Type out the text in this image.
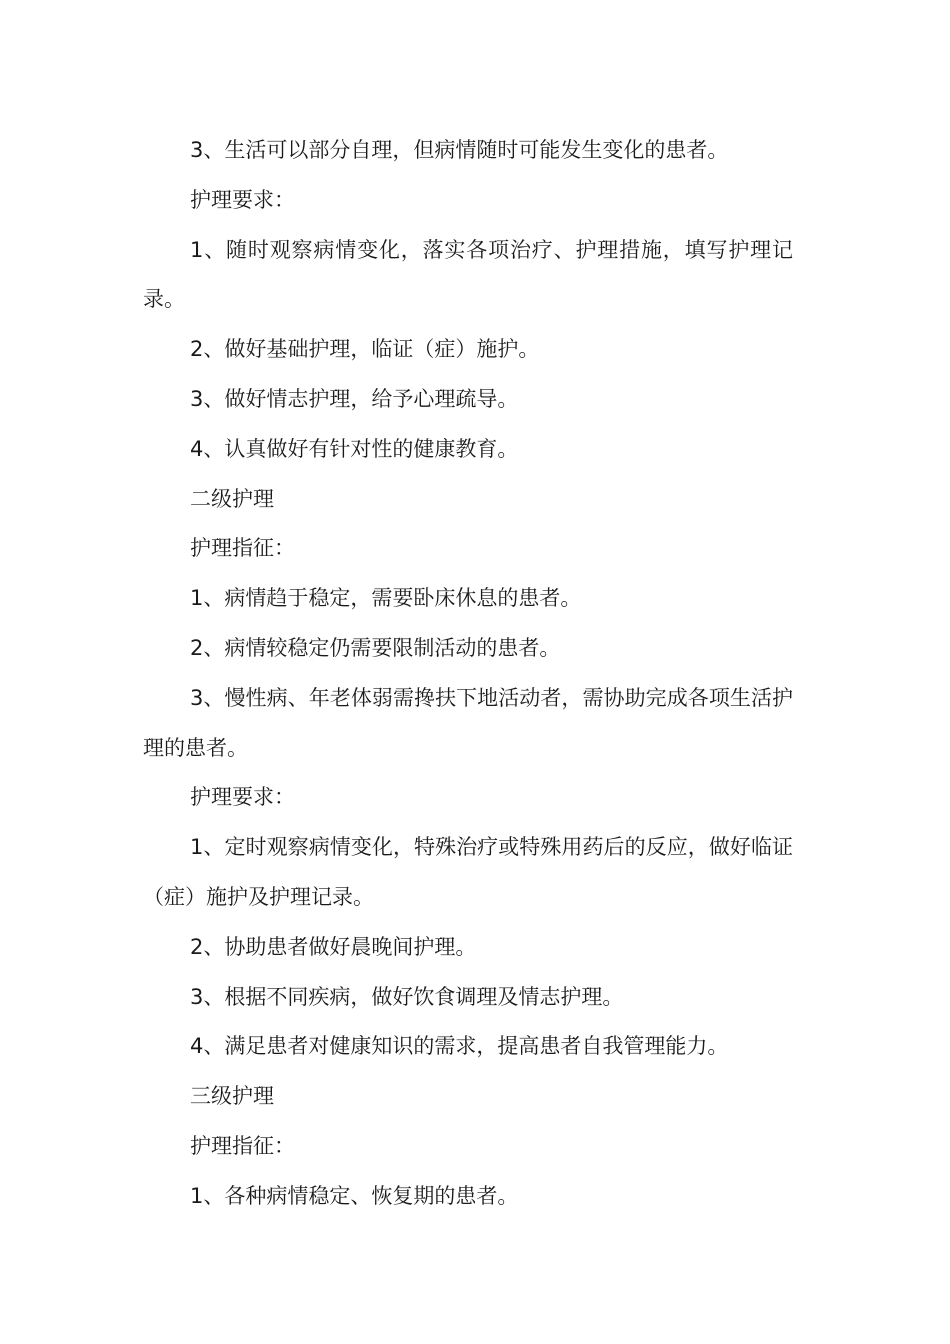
3、生活可以部分自理，但病情随时可能发生变化的患者。

护理要求：

1、随时观察病情变化，落实各项治疗、护理措施，填写护理记录。

2、做好基础护理，临证（症）施护。

3、做好情志护理，给予心理疏导。

4、认真做好有针对性的健康教育。

二级护理

护理指征：

1、病情趋于稳定，需要卧床休息的患者。

2、病情较稳定仍需要限制活动的患者。

3、慢性病、年老体弱需搀扶下地活动者，需协助完成各项生活护理的患者。

护理要求：

1、定时观察病情变化，特殊治疗或特殊用药后的反应，做好临证（症）施护及护理记录。

2、协助患者做好晨晚间护理。

3、根据不同疾病，做好饮食调理及情志护理。

4、满足患者对健康知识的需求，提高患者自我管理能力。

三级护理

护理指征：

1、各种病情稳定、恢复期的患者。
